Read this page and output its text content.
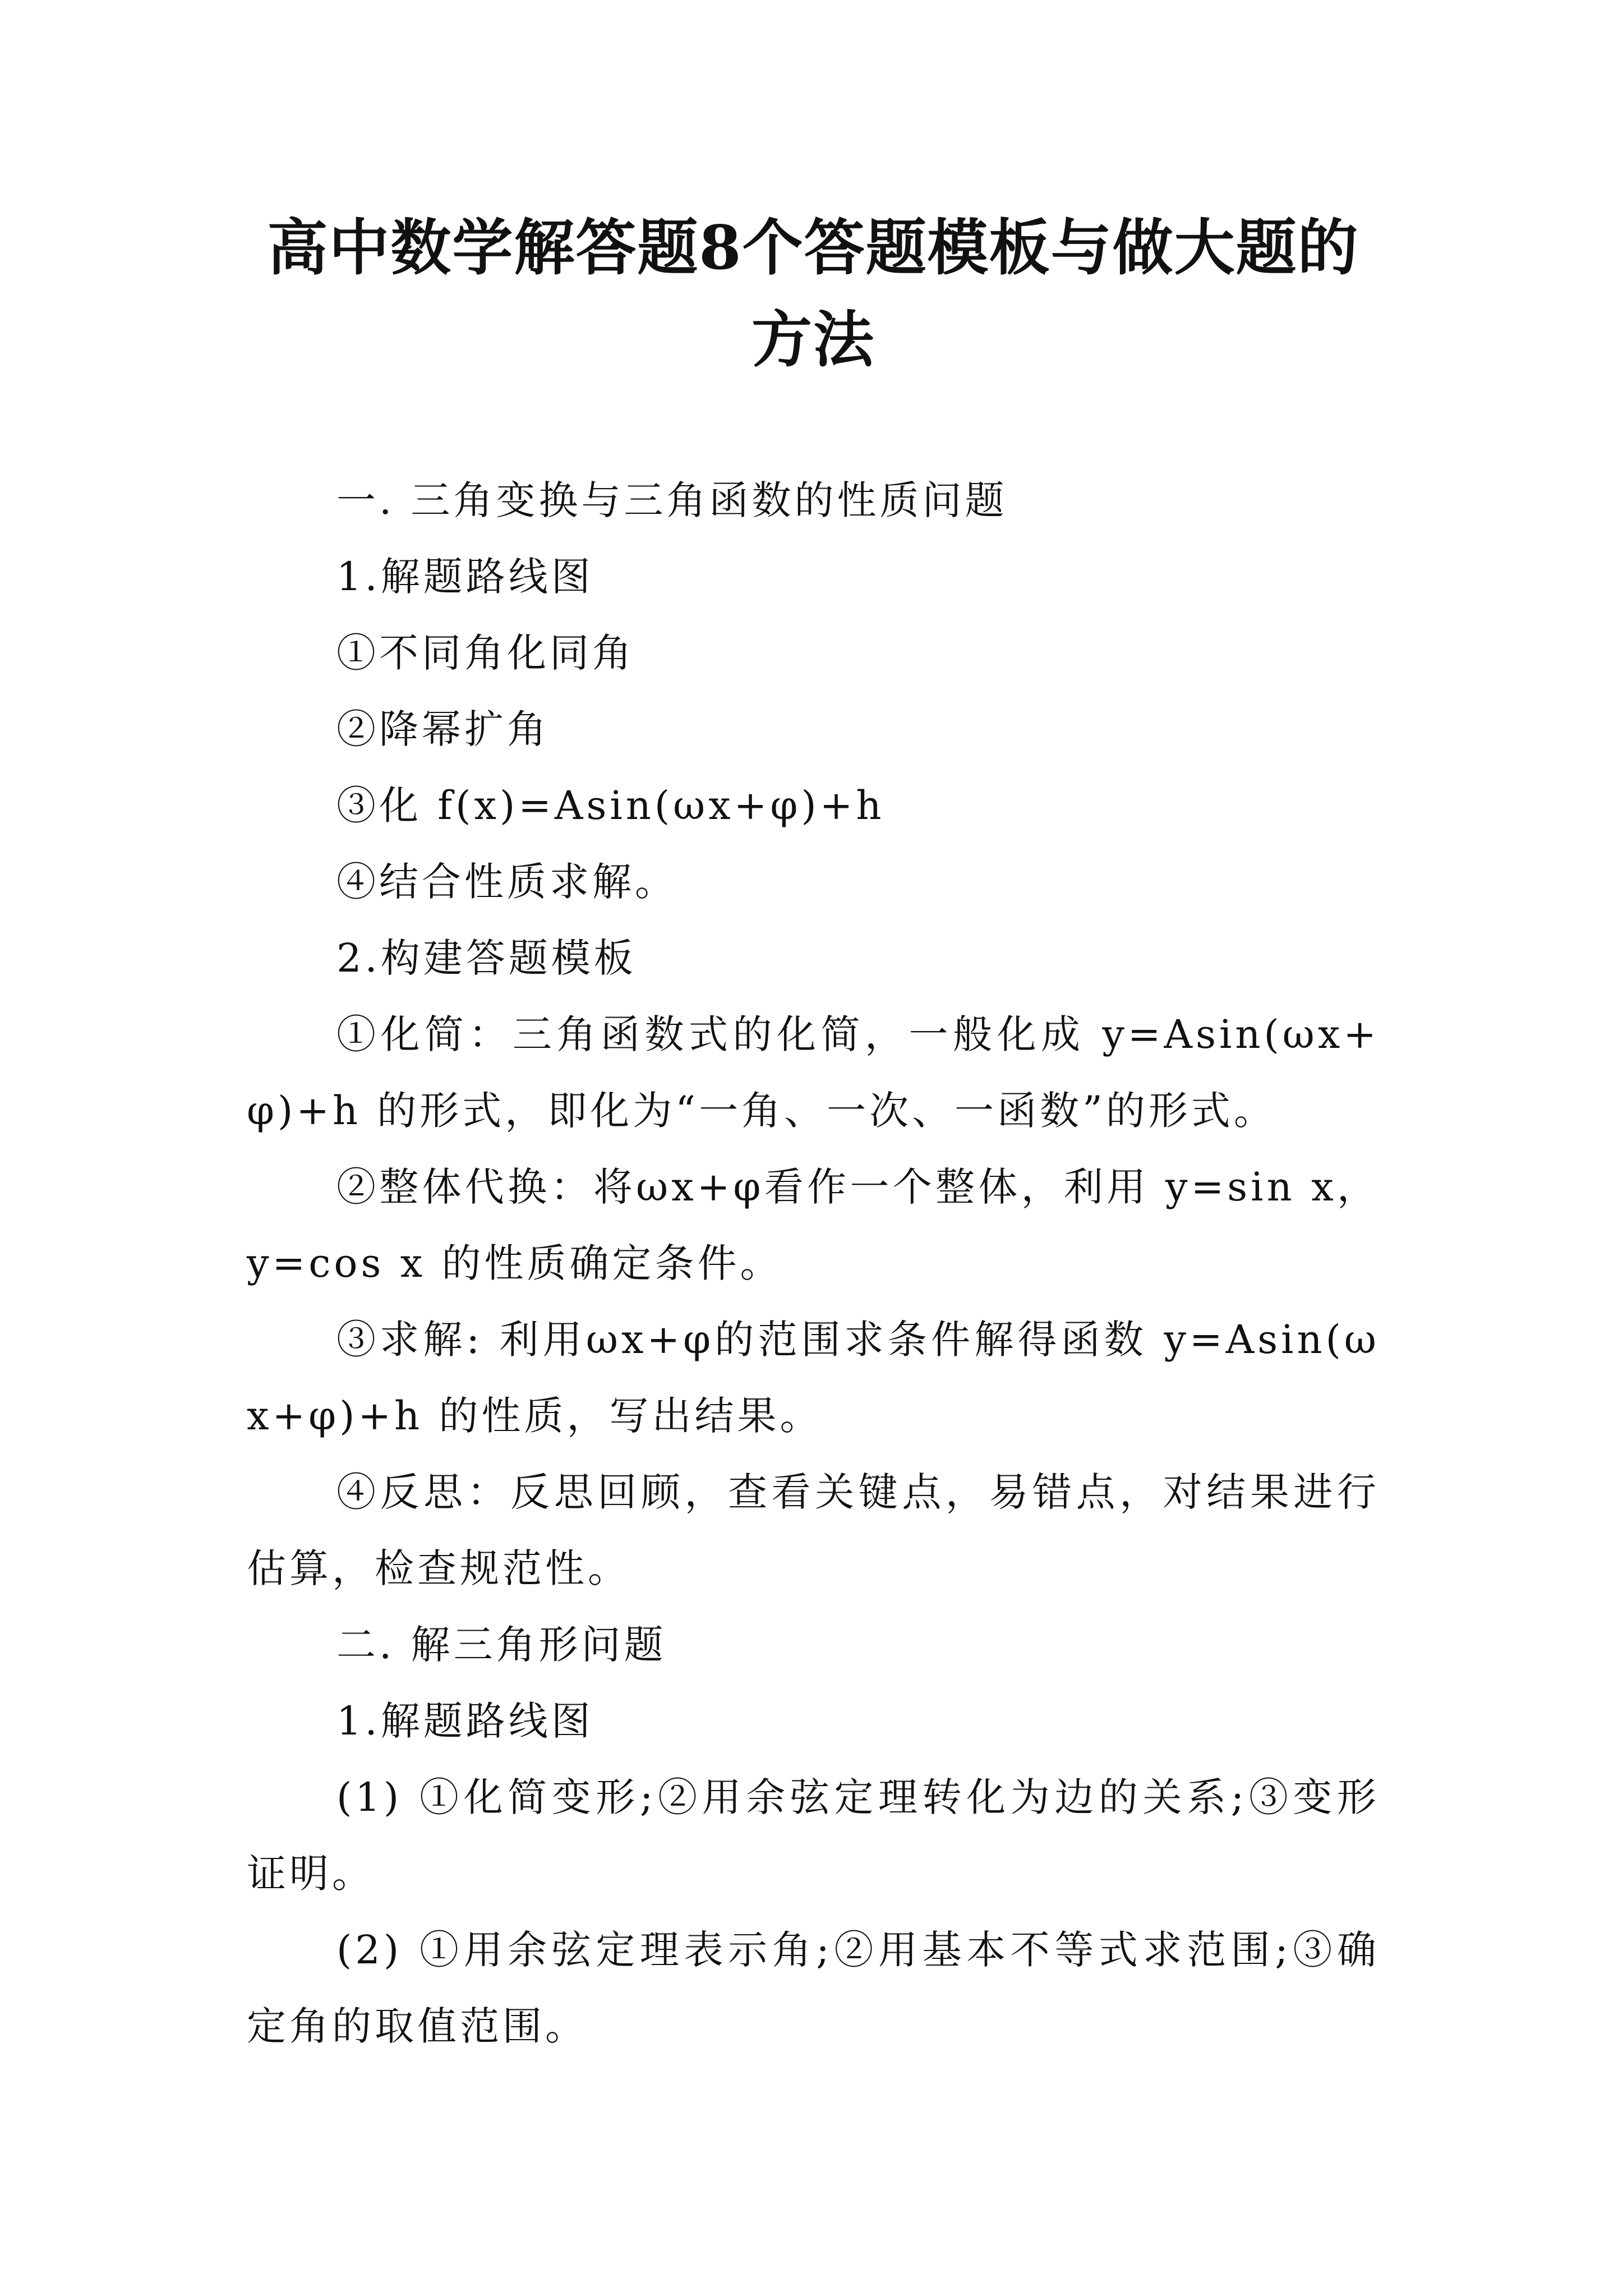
高中数学解答题8个答题模板与做大题的方法

一. 三角变换与三角函数的性质问题

1.解题路线图

①不同角化同角

②降幂扩角

③化 f(x)=Asin(ωx+φ)+h

④结合性质求解。

2.构建答题模板

①化简：三角函数式的化简，一般化成 y=Asin(ωx+φ)+h 的形式，即化为“一角、一次、一函数”的形式。

②整体代换：将ωx+φ看作一个整体，利用 y=sin x，y=cos x 的性质确定条件。

③求解: 利用ωx+φ的范围求条件解得函数 y=Asin(ωx+φ)+h 的性质，写出结果。

④反思：反思回顾，查看关键点，易错点，对结果进行估算，检查规范性。

二. 解三角形问题

1.解题路线图

(1) ①化简变形;②用余弦定理转化为边的关系;③变形证明。

(2) ①用余弦定理表示角;②用基本不等式求范围;③确定角的取值范围。
